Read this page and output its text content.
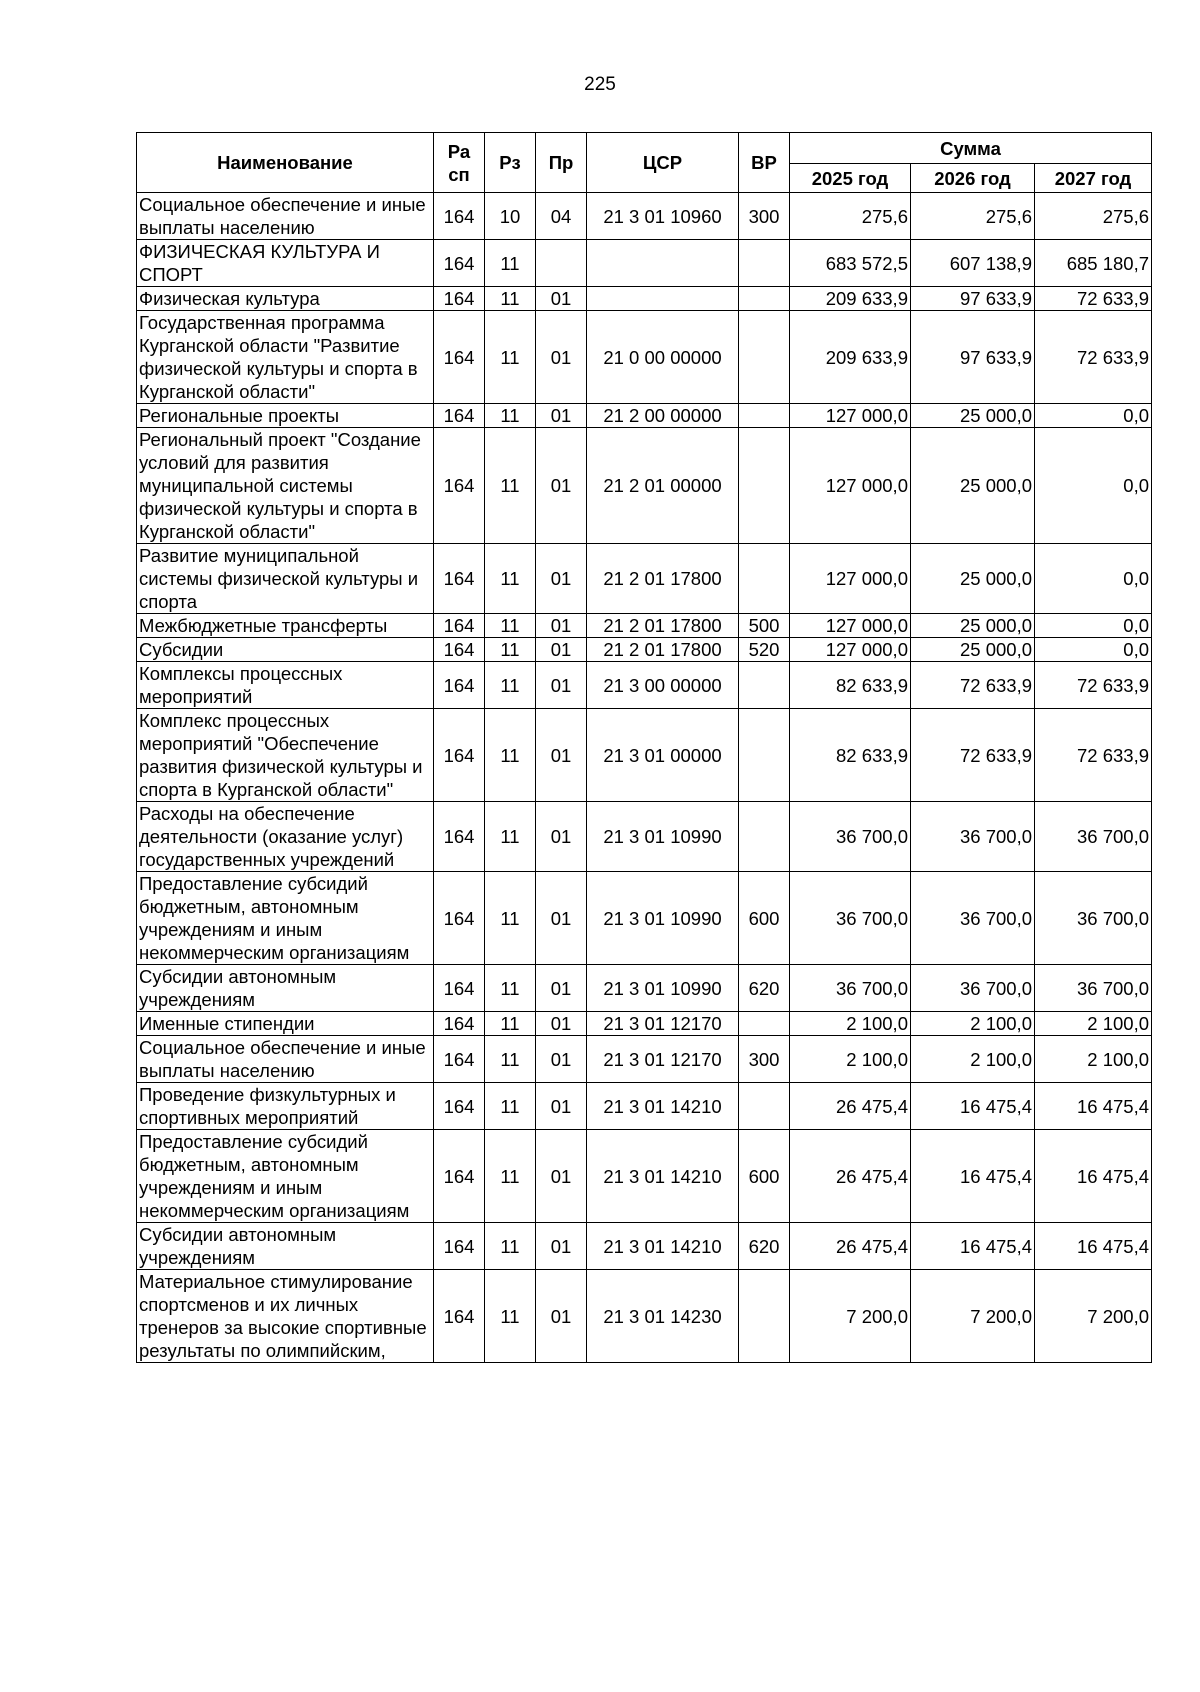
225
Наименование	Ра сп	Рз	Пр	ЦСР	ВР	Сумма		
						2025 год	2026 год	2027 год
Социальное обеспечение и иные выплаты населению	164	10	04	21 3 01 10960	300	275,6	275,6	275,6
ФИЗИЧЕСКАЯ КУЛЬТУРА И СПОРТ	164	11				683 572,5	607 138,9	685 180,7
Физическая культура	164	11	01			209 633,9	97 633,9	72 633,9
Государственная программа Курганской области "Развитие физической культуры и спорта в Курганской области"	164	11	01	21 0 00 00000		209 633,9	97 633,9	72 633,9
Региональные проекты	164	11	01	21 2 00 00000		127 000,0	25 000,0	0,0
Региональный проект "Создание условий для развития муниципальной системы физической культуры и спорта в Курганской области"	164	11	01	21 2 01 00000		127 000,0	25 000,0	0,0
Развитие муниципальной системы физической культуры и спорта	164	11	01	21 2 01 17800		127 000,0	25 000,0	0,0
Межбюджетные трансферты	164	11	01	21 2 01 17800	500	127 000,0	25 000,0	0,0
Субсидии	164	11	01	21 2 01 17800	520	127 000,0	25 000,0	0,0
Комплексы процессных мероприятий	164	11	01	21 3 00 00000		82 633,9	72 633,9	72 633,9
Комплекс процессных мероприятий "Обеспечение развития физической культуры и спорта в Курганской области"	164	11	01	21 3 01 00000		82 633,9	72 633,9	72 633,9
Расходы на обеспечение деятельности (оказание услуг) государственных учреждений	164	11	01	21 3 01 10990		36 700,0	36 700,0	36 700,0
Предоставление субсидий бюджетным, автономным учреждениям и иным некоммерческим организациям	164	11	01	21 3 01 10990	600	36 700,0	36 700,0	36 700,0
Субсидии автономным учреждениям	164	11	01	21 3 01 10990	620	36 700,0	36 700,0	36 700,0
Именные стипендии	164	11	01	21 3 01 12170		2 100,0	2 100,0	2 100,0
Социальное обеспечение и иные выплаты населению	164	11	01	21 3 01 12170	300	2 100,0	2 100,0	2 100,0
Проведение физкультурных и спортивных мероприятий	164	11	01	21 3 01 14210		26 475,4	16 475,4	16 475,4
Предоставление субсидий бюджетным, автономным учреждениям и иным некоммерческим организациям	164	11	01	21 3 01 14210	600	26 475,4	16 475,4	16 475,4
Субсидии автономным учреждениям	164	11	01	21 3 01 14210	620	26 475,4	16 475,4	16 475,4
Материальное стимулирование спортсменов и их личных тренеров за высокие спортивные результаты по олимпийским,	164	11	01	21 3 01 14230		7 200,0	7 200,0	7 200,0
